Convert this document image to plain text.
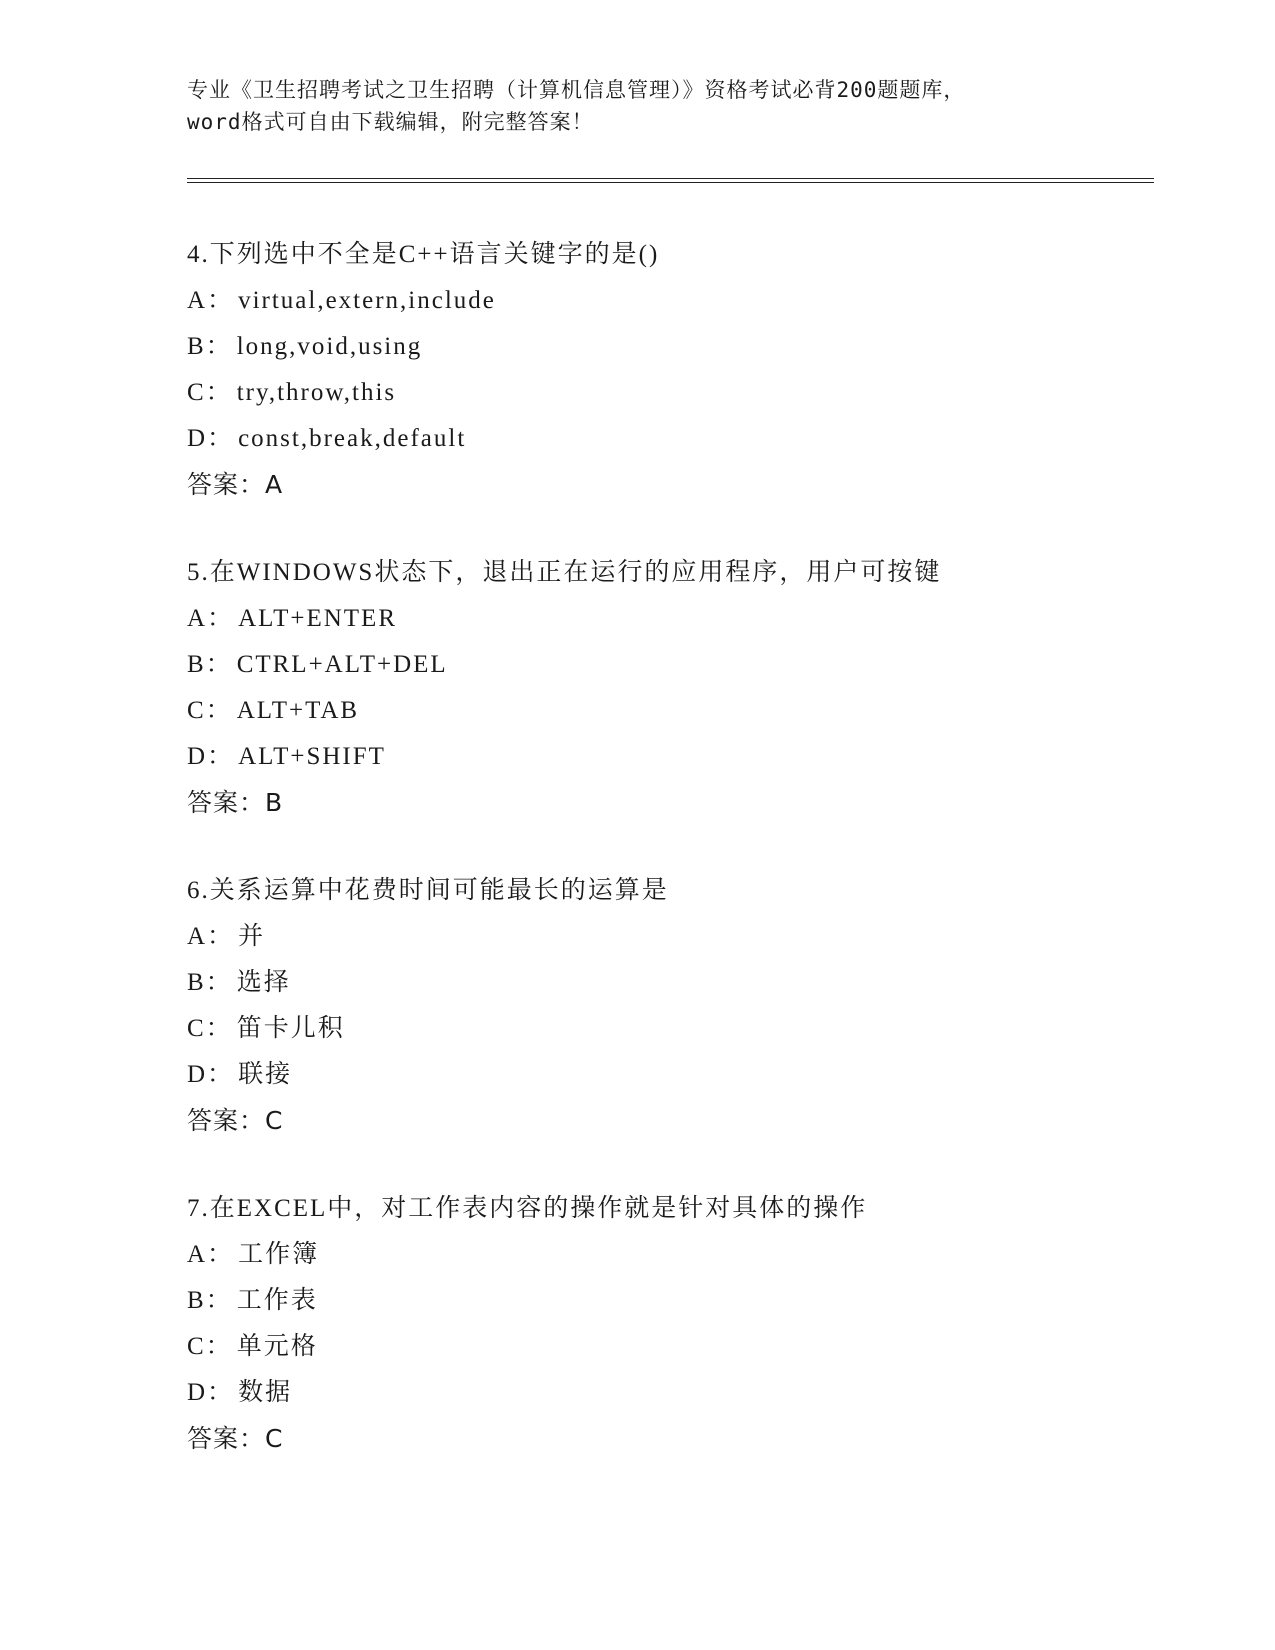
专业《卫生招聘考试之卫生招聘（计算机信息管理）》资格考试必背200题题库，
word格式可自由下载编辑，附完整答案！
4.下列选中不全是C++语言关键字的是()
A： virtual,extern,include
B： long,void,using
C： try,throw,this
D： const,break,default
答案：A
5.在WINDOWS状态下，退出正在运行的应用程序，用户可按键
A： ALT+ENTER
B： CTRL+ALT+DEL
C： ALT+TAB
D： ALT+SHIFT
答案：B
6.关系运算中花费时间可能最长的运算是
A： 并
B： 选择
C： 笛卡儿积
D： 联接
答案：C
7.在EXCEL中，对工作表内容的操作就是针对具体的操作
A： 工作簿
B： 工作表
C： 单元格
D： 数据
答案：C
